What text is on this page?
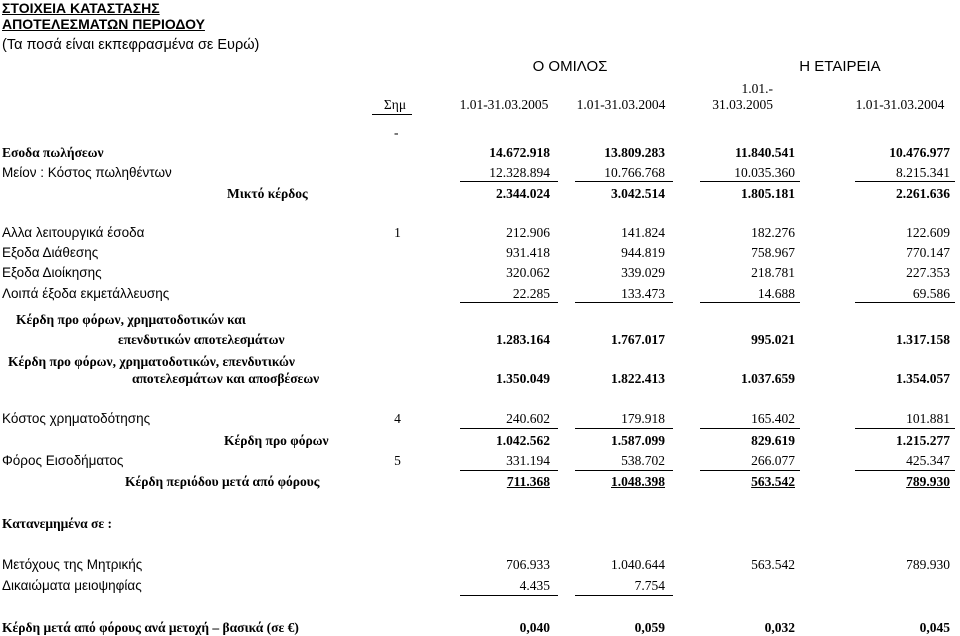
ΣΤΟΙΧΕΙΑ ΚΑΤΑΣΤΑΣΗΣ
ΑΠΟΤΕΛΕΣΜΑΤΩΝ ΠΕΡΙΟΔΟΥ
(Τα ποσά είναι εκπεφρασμένα σε Ευρώ)
Ο ΟΜΙΛΟΣ	Η ΕΤΑΙΡΕΙΑ
Σημ	1.01-31.03.2005	1.01-31.03.2004
1.01.-
31.03.2005	1.01-31.03.2004
-
Εσοδα πωλήσεων	14.672.918	13.809.283	11.840.541	10.476.977
Μείον : Κόστος πωληθέντων	12.328.894	10.766.768	10.035.360	8.215.341
Μικτό κέρδος	2.344.024	3.042.514	1.805.181	2.261.636
Αλλα λειτουργικά έσοδα	1	212.906	141.824	182.276	122.609
Εξοδα Διάθεσης	931.418	944.819	758.967	770.147
Εξοδα Διοίκησης	320.062	339.029	218.781	227.353
Λοιπά έξοδα εκμετάλλευσης	22.285	133.473	14.688	69.586
Κέρδη προ φόρων, χρηματοδοτικών και
επενδυτικών αποτελεσμάτων	1.283.164	1.767.017	995.021	1.317.158
Κέρδη προ φόρων, χρηματοδοτικών, επενδυτικών
αποτελεσμάτων και αποσβέσεων	1.350.049	1.822.413	1.037.659	1.354.057
Κόστος χρηματοδότησης	4	240.602	179.918	165.402	101.881
Κέρδη προ φόρων	1.042.562	1.587.099	829.619	1.215.277
Φόρος Εισοδήματος	5	331.194	538.702	266.077	425.347
Κέρδη περιόδου μετά από φόρους	711.368	1.048.398	563.542	789.930
Κατανεμημένα σε :
Μετόχους της Μητρικής	706.933	1.040.644	563.542	789.930
Δικαιώματα μειοψηφίας	4.435	7.754
Κέρδη μετά από φόρους ανά μετοχή – βασικά (σε €)	0,040	0,059	0,032	0,045
